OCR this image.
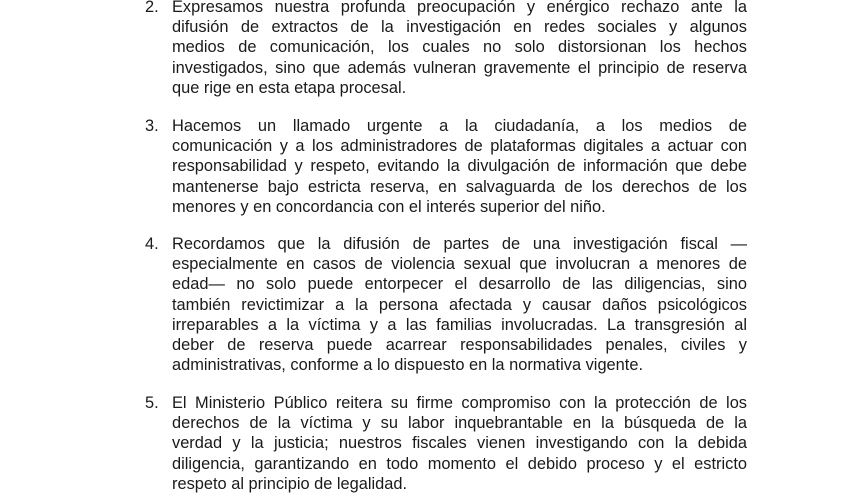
2. Expresamos nuestra profunda preocupación y enérgico rechazo ante la
difusión de extractos de la investigación en redes sociales y algunos
medios de comunicación, los cuales no solo distorsionan los hechos
investigados, sino que además vulneran gravemente el principio de reserva
que rige en esta etapa procesal.
3. Hacemos un llamado urgente a la ciudadanía, a los medios de
comunicación y a los administradores de plataformas digitales a actuar con
responsabilidad y respeto, evitando la divulgación de información que debe
mantenerse bajo estricta reserva, en salvaguarda de los derechos de los
menores y en concordancia con el interés superior del niño.
4. Recordamos que la difusión de partes de una investigación fiscal —
especialmente en casos de violencia sexual que involucran a menores de
edad— no solo puede entorpecer el desarrollo de las diligencias, sino
también revictimizar a la persona afectada y causar daños psicológicos
irreparables a la víctima y a las familias involucradas. La transgresión al
deber de reserva puede acarrear responsabilidades penales, civiles y
administrativas, conforme a lo dispuesto en la normativa vigente.
5. El Ministerio Público reitera su firme compromiso con la protección de los
derechos de la víctima y su labor inquebrantable en la búsqueda de la
verdad y la justicia; nuestros fiscales vienen investigando con la debida
diligencia, garantizando en todo momento el debido proceso y el estricto
respeto al principio de legalidad.
